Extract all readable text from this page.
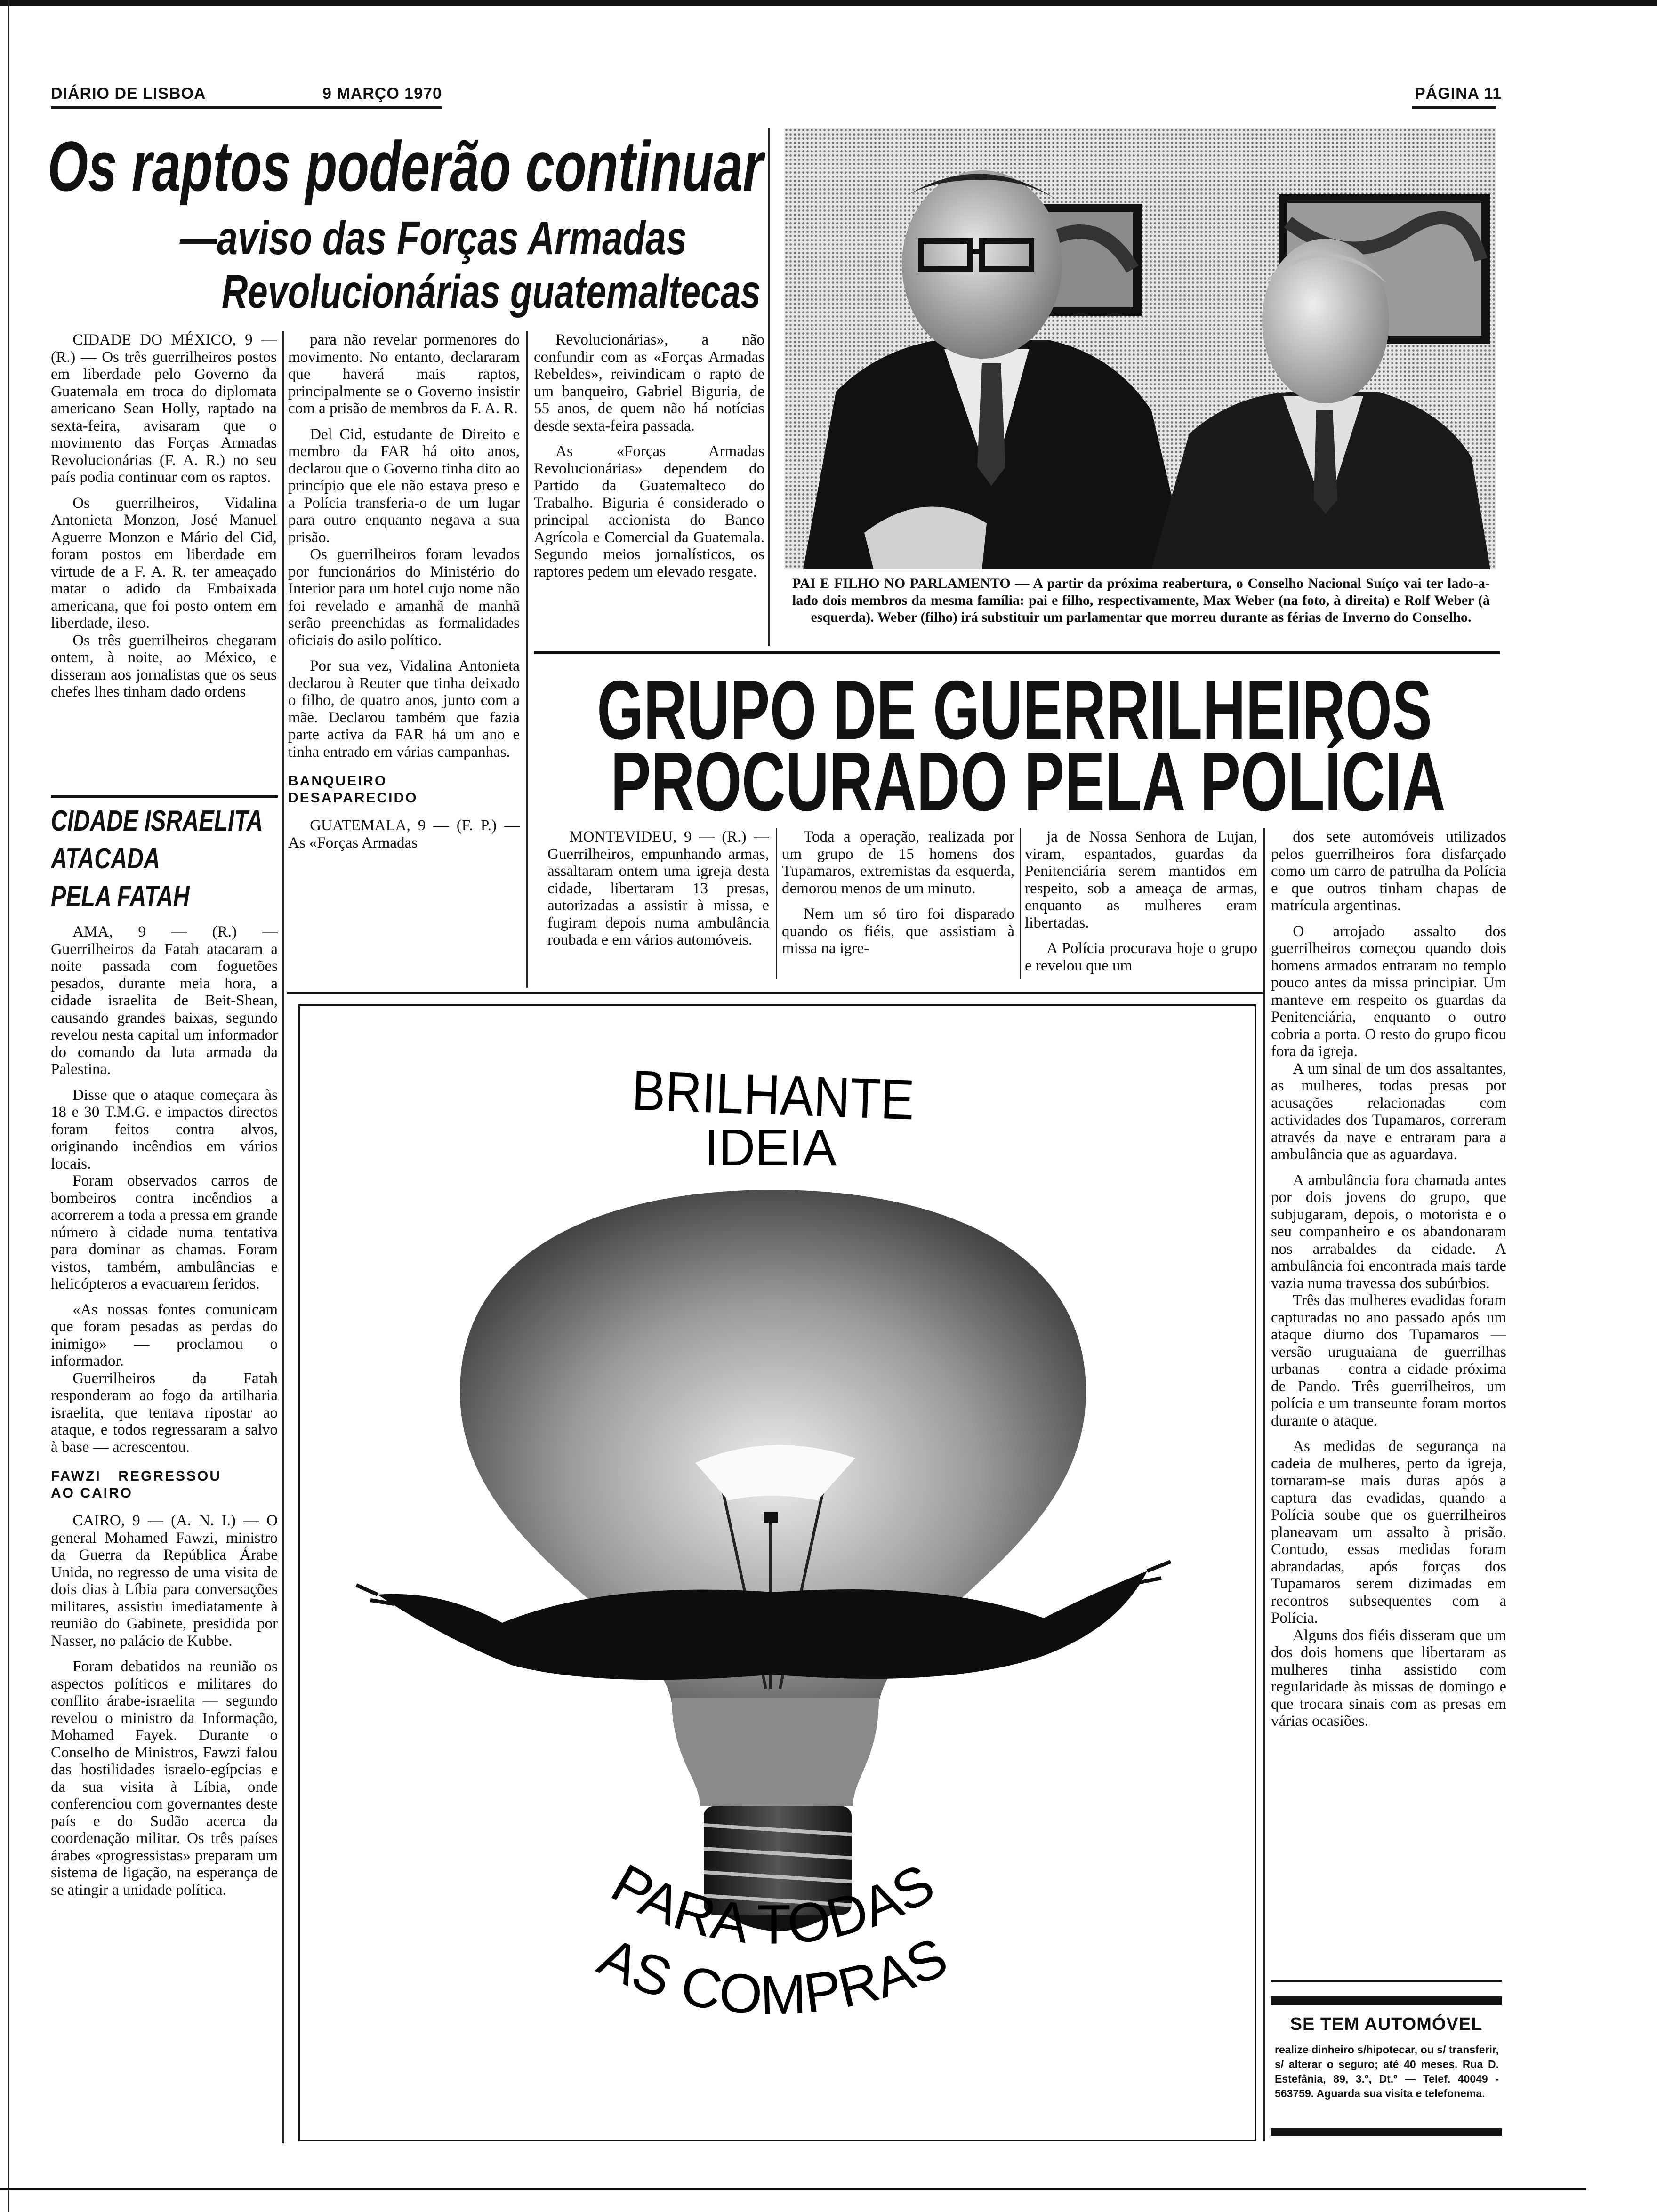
DIÁRIO DE LISBOA	9 MARÇO 1970	PÁGINA 11
Os raptos poderão continuar
—aviso das Forças Armadas
Revolucionárias guatemaltecas

CIDADE DO MÉXICO, 9 — (R.) — Os três guerrilheiros postos em liberdade pelo Governo da Guatemala em troca do diplomata americano Sean Holly, raptado na sexta-feira, avisaram que o movimento das Forças Armadas Revolucionárias (F. A. R.) no seu país podia continuar com os raptos.

Os guerrilheiros, Vidalina Antonieta Monzon, José Manuel Aguerre Monzon e Mário del Cid, foram postos em liberdade em virtude de a F. A. R. ter ameaçado matar o adido da Embaixada americana, que foi posto ontem em liberdade, ileso.

Os três guerrilheiros chegaram ontem, à noite, ao México, e disseram aos jornalistas que os seus chefes lhes tinham dado ordens

para não revelar pormenores do movimento. No entanto, declararam que haverá mais raptos, principalmente se o Governo insistir com a prisão de membros da F. A. R.

Del Cid, estudante de Direito e membro da FAR há oito anos, declarou que o Governo tinha dito ao princípio que ele não estava preso e a Polícia transferia-o de um lugar para outro enquanto negava a sua prisão.

Os guerrilheiros foram levados por funcionários do Ministério do Interior para um hotel cujo nome não foi revelado e amanhã de manhã serão preenchidas as formalidades oficiais do asilo político.

Por sua vez, Vidalina Antonieta declarou à Reuter que tinha deixado o filho, de quatro anos, junto com a mãe. Declarou também que fazia parte activa da FAR há um ano e tinha entrado em várias campanhas.

BANQUEIRO DESAPARECIDO

GUATEMALA, 9 — (F. P.) — As «Forças Armadas

Revolucionárias», a não confundir com as «Forças Armadas Rebeldes», reivindicam o rapto de um banqueiro, Gabriel Biguria, de 55 anos, de quem não há notícias desde sexta-feira passada.

As «Forças Armadas Revolucionárias» dependem do Partido da Guatemalteco do Trabalho. Biguria é considerado o principal accionista do Banco Agrícola e Comercial da Guatemala. Segundo meios jornalísticos, os raptores pedem um elevado resgate.

PAI E FILHO NO PARLAMENTO — A partir da próxima reabertura, o Conselho Nacional Suíço vai ter lado-a-lado dois membros da mesma família: pai e filho, respectivamente, Max Weber (na foto, à direita) e Rolf Weber (à esquerda). Weber (filho) irá substituir um parlamentar que morreu durante as férias de Inverno do Conselho.
GRUPO DE GUERRILHEIROS
PROCURADO PELA POLÍCIA

MONTEVIDEU, 9 — (R.) — Guerrilheiros, empunhando armas, assaltaram ontem uma igreja desta cidade, libertaram 13 presas, autorizadas a assistir à missa, e fugiram depois numa ambulância roubada e em vários automóveis.

Toda a operação, realizada por um grupo de 15 homens dos Tupamaros, extremistas da esquerda, demorou menos de um minuto.

Nem um só tiro foi disparado quando os fiéis, que assistiam à missa na igre-

ja de Nossa Senhora de Lujan, viram, espantados, guardas da Penitenciária serem mantidos em respeito, sob a ameaça de armas, enquanto as mulheres eram libertadas.

A Polícia procurava hoje o grupo e revelou que um

dos sete automóveis utilizados pelos guerrilheiros fora disfarçado como um carro de patrulha da Polícia e que outros tinham chapas de matrícula argentinas.

O arrojado assalto dos guerrilheiros começou quando dois homens armados entraram no templo pouco antes da missa principiar. Um manteve em respeito os guardas da Penitenciária, enquanto o outro cobria a porta. O resto do grupo ficou fora da igreja.

A um sinal de um dos assaltantes, as mulheres, todas presas por acusações relacionadas com actividades dos Tupamaros, correram através da nave e entraram para a ambulância que as aguardava.

A ambulância fora chamada antes por dois jovens do grupo, que subjugaram, depois, o motorista e o seu companheiro e os abandonaram nos arrabaldes da cidade. A ambulância foi encontrada mais tarde vazia numa travessa dos subúrbios.

Três das mulheres evadidas foram capturadas no ano passado após um ataque diurno dos Tupamaros — versão uruguaiana de guerrilhas urbanas — contra a cidade próxima de Pando. Três guerrilheiros, um polícia e um transeunte foram mortos durante o ataque.

As medidas de segurança na cadeia de mulheres, perto da igreja, tornaram-se mais duras após a captura das evadidas, quando a Polícia soube que os guerrilheiros planeavam um assalto à prisão. Contudo, essas medidas foram abrandadas, após forças dos Tupamaros serem dizimadas em recontros subsequentes com a Polícia.

Alguns dos fiéis disseram que um dos dois homens que libertaram as mulheres tinha assistido com regularidade às missas de domingo e que trocara sinais com as presas em várias ocasiões.

CIDADE ISRAELITA
ATACADA
PELA FATAH

AMA, 9 — (R.) — Guerrilheiros da Fatah atacaram a noite passada com foguetões pesados, durante meia hora, a cidade israelita de Beit-Shean, causando grandes baixas, segundo revelou nesta capital um informador do comando da luta armada da Palestina.

Disse que o ataque começara às 18 e 30 T.M.G. e impactos directos foram feitos contra alvos, originando incêndios em vários locais.

Foram observados carros de bombeiros contra incêndios a acorrerem a toda a pressa em grande número à cidade numa tentativa para dominar as chamas. Foram vistos, também, ambulâncias e helicópteros a evacuarem feridos.

«As nossas fontes comunicam que foram pesadas as perdas do inimigo» — proclamou o informador.

Guerrilheiros da Fatah responderam ao fogo da artilharia israelita, que tentava ripostar ao ataque, e todos regressaram a salvo à base — acrescentou.

FAWZI REGRESSOU AO CAIRO

CAIRO, 9 — (A. N. I.) — O general Mohamed Fawzi, ministro da Guerra da República Árabe Unida, no regresso de uma visita de dois dias à Líbia para conversações militares, assistiu imediatamente à reunião do Gabinete, presidida por Nasser, no palácio de Kubbe.

Foram debatidos na reunião os aspectos políticos e militares do conflito árabe-israelita — segundo revelou o ministro da Informação, Mohamed Fayek. Durante o Conselho de Ministros, Fawzi falou das hostilidades israelo-egípcias e da sua visita à Líbia, onde conferenciou com governantes deste país e do Sudão acerca da coordenação militar. Os três países árabes «progressistas» preparam um sistema de ligação, na esperança de se atingir a unidade política.

BRILHANTE
IDEIA
PARA TODAS
AS COMPRAS
SE TEM AUTOMÓVEL
realize dinheiro s/hipotecar, ou s/ transferir, s/ alterar o seguro; até 40 meses. Rua D. Estefânia, 89, 3.º, Dt.º — Telef. 40049 - 563759. Aguarda sua visita e telefonema.
